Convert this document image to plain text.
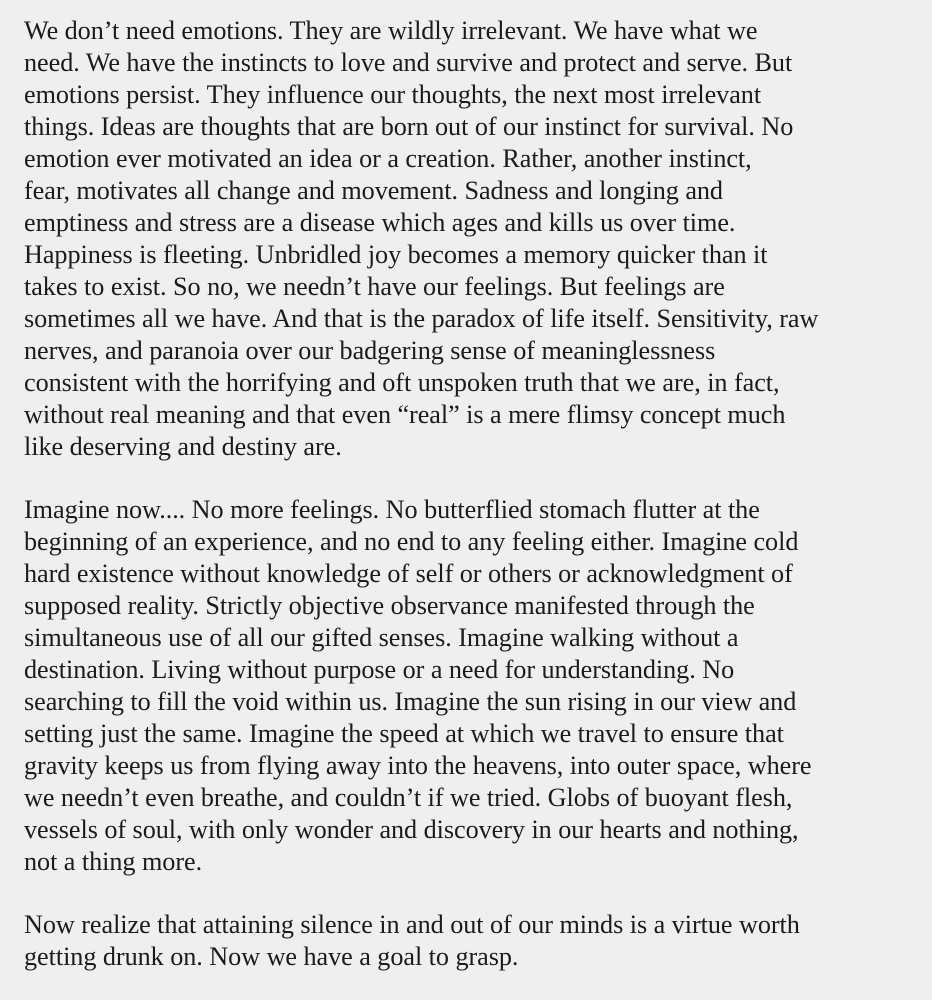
We don’t need emotions. They are wildly irrelevant. We have what we
need. We have the instincts to love and survive and protect and serve. But
emotions persist. They influence our thoughts, the next most irrelevant
things. Ideas are thoughts that are born out of our instinct for survival. No
emotion ever motivated an idea or a creation. Rather, another instinct,
fear, motivates all change and movement. Sadness and longing and
emptiness and stress are a disease which ages and kills us over time.
Happiness is fleeting. Unbridled joy becomes a memory quicker than it
takes to exist. So no, we needn’t have our feelings. But feelings are
sometimes all we have. And that is the paradox of life itself. Sensitivity, raw
nerves, and paranoia over our badgering sense of meaninglessness
consistent with the horrifying and oft unspoken truth that we are, in fact,
without real meaning and that even “real” is a mere flimsy concept much
like deserving and destiny are.

Imagine now.... No more feelings. No butterflied stomach flutter at the
beginning of an experience, and no end to any feeling either. Imagine cold
hard existence without knowledge of self or others or acknowledgment of
supposed reality. Strictly objective observance manifested through the
simultaneous use of all our gifted senses. Imagine walking without a
destination. Living without purpose or a need for understanding. No
searching to fill the void within us. Imagine the sun rising in our view and
setting just the same. Imagine the speed at which we travel to ensure that
gravity keeps us from flying away into the heavens, into outer space, where
we needn’t even breathe, and couldn’t if we tried. Globs of buoyant flesh,
vessels of soul, with only wonder and discovery in our hearts and nothing,
not a thing more.

Now realize that attaining silence in and out of our minds is a virtue worth
getting drunk on. Now we have a goal to grasp.
